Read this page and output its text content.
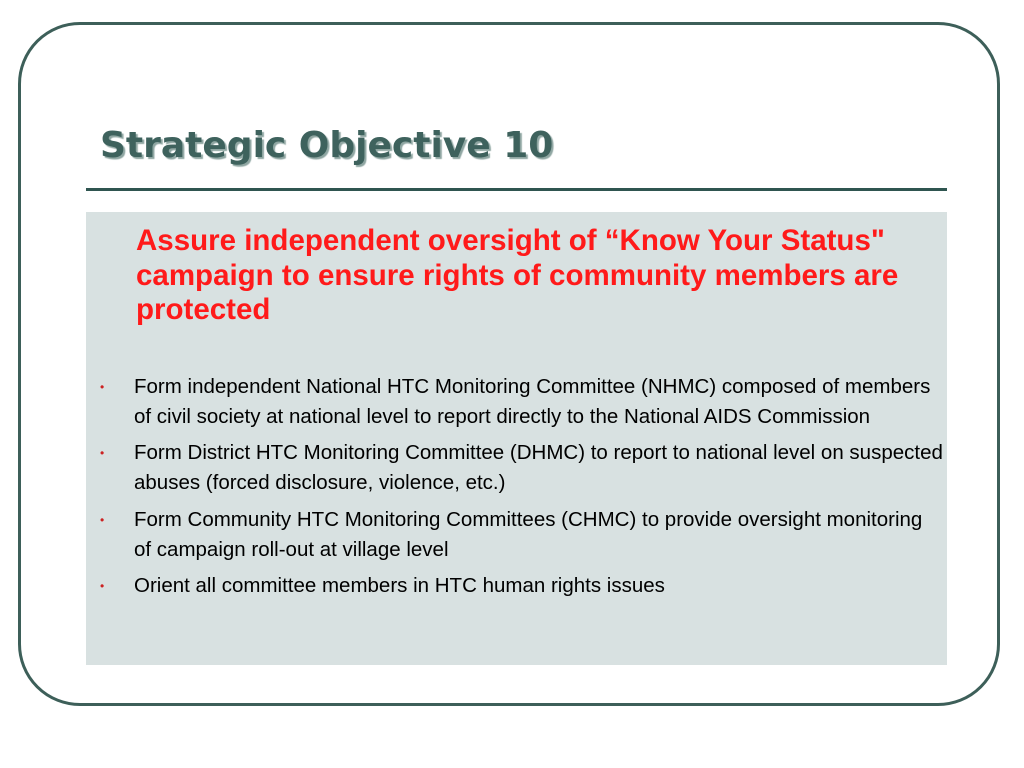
Strategic Objective 10

Assure independent oversight of “Know Your Status" campaign to ensure rights of community members are protected

• Form independent National HTC Monitoring Committee (NHMC) composed of members of civil society at national level to report directly to the National AIDS Commission
• Form District HTC Monitoring Committee (DHMC) to report to national level on suspected abuses (forced disclosure, violence, etc.)
• Form Community HTC Monitoring Committees (CHMC) to provide oversight monitoring of campaign roll-out at village level
• Orient all committee members in HTC human rights issues
